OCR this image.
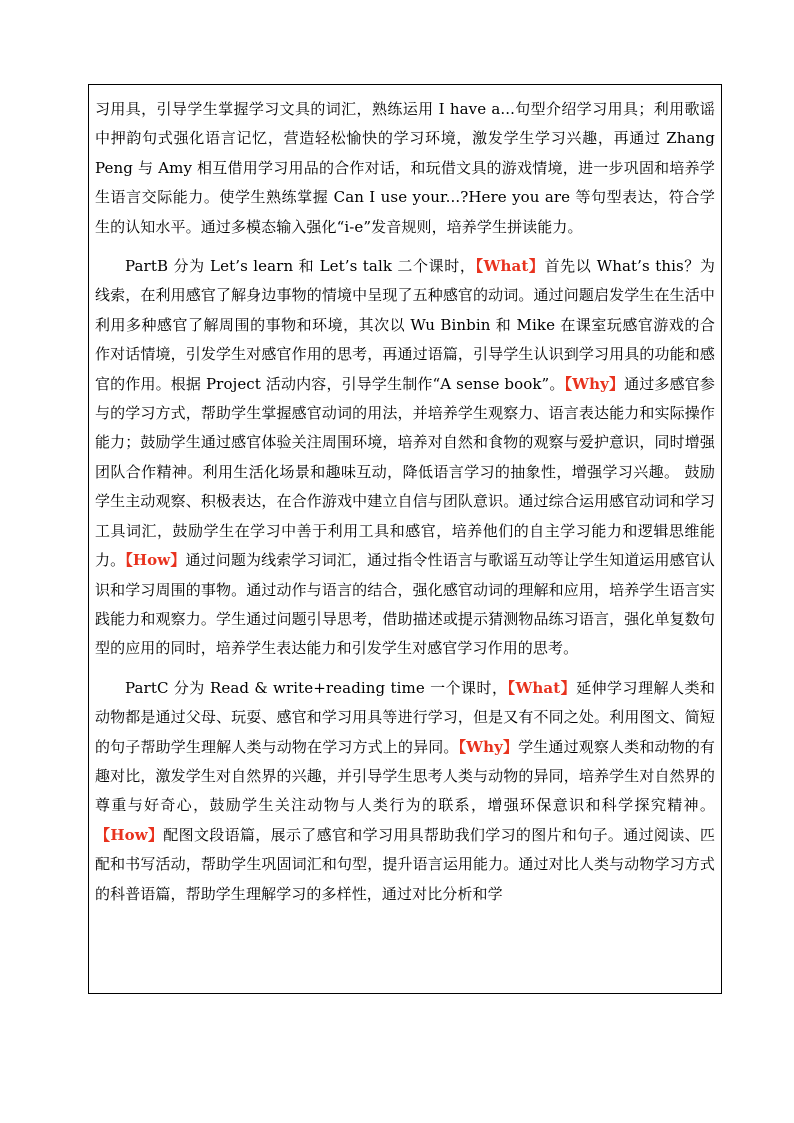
习用具，引导学生掌握学习文具的词汇，熟练运用 I have a...句型介绍学习用具；利用歌谣中押韵句式强化语言记忆，营造轻松愉快的学习环境，激发学生学习兴趣，再通过 Zhang Peng 与 Amy 相互借用学习用品的合作对话，和玩借文具的游戏情境，进一步巩固和培养学生语言交际能力。使学生熟练掌握 Can I use your...?Here you are 等句型表达，符合学生的认知水平。通过多模态输入强化“i-e”发音规则，培养学生拼读能力。

PartB 分为 Let’s learn 和 Let’s talk 二个课时，【What】首先以 What’s this？为线索，在利用感官了解身边事物的情境中呈现了五种感官的动词。通过问题启发学生在生活中利用多种感官了解周围的事物和环境，其次以 Wu Binbin 和 Mike 在课室玩感官游戏的合作对话情境，引发学生对感官作用的思考，再通过语篇，引导学生认识到学习用具的功能和感官的作用。根据 Project 活动内容，引导学生制作“A sense book”。【Why】通过多感官参与的学习方式，帮助学生掌握感官动词的用法，并培养学生观察力、语言表达能力和实际操作能力；鼓励学生通过感官体验关注周围环境，培养对自然和食物的观察与爱护意识，同时增强团队合作精神。利用生活化场景和趣味互动，降低语言学习的抽象性，增强学习兴趣。 鼓励学生主动观察、积极表达，在合作游戏中建立自信与团队意识。通过综合运用感官动词和学习工具词汇，鼓励学生在学习中善于利用工具和感官，培养他们的自主学习能力和逻辑思维能力。【How】通过问题为线索学习词汇，通过指令性语言与歌谣互动等让学生知道运用感官认识和学习周围的事物。通过动作与语言的结合，强化感官动词的理解和应用，培养学生语言实践能力和观察力。学生通过问题引导思考，借助描述或提示猜测物品练习语言，强化单复数句型的应用的同时，培养学生表达能力和引发学生对感官学习作用的思考。

PartC 分为 Read & write+reading time 一个课时，【What】延伸学习理解人类和动物都是通过父母、玩耍、感官和学习用具等进行学习，但是又有不同之处。利用图文、简短的句子帮助学生理解人类与动物在学习方式上的异同。【Why】学生通过观察人类和动物的有趣对比，激发学生对自然界的兴趣，并引导学生思考人类与动物的异同，培养学生对自然界的尊重与好奇心，鼓励学生关注动物与人类行为的联系，增强环保意识和科学探究精神。【How】配图文段语篇，展示了感官和学习用具帮助我们学习的图片和句子。通过阅读、匹配和书写活动，帮助学生巩固词汇和句型，提升语言运用能力。通过对比人类与动物学习方式的科普语篇，帮助学生理解学习的多样性，通过对比分析和学
